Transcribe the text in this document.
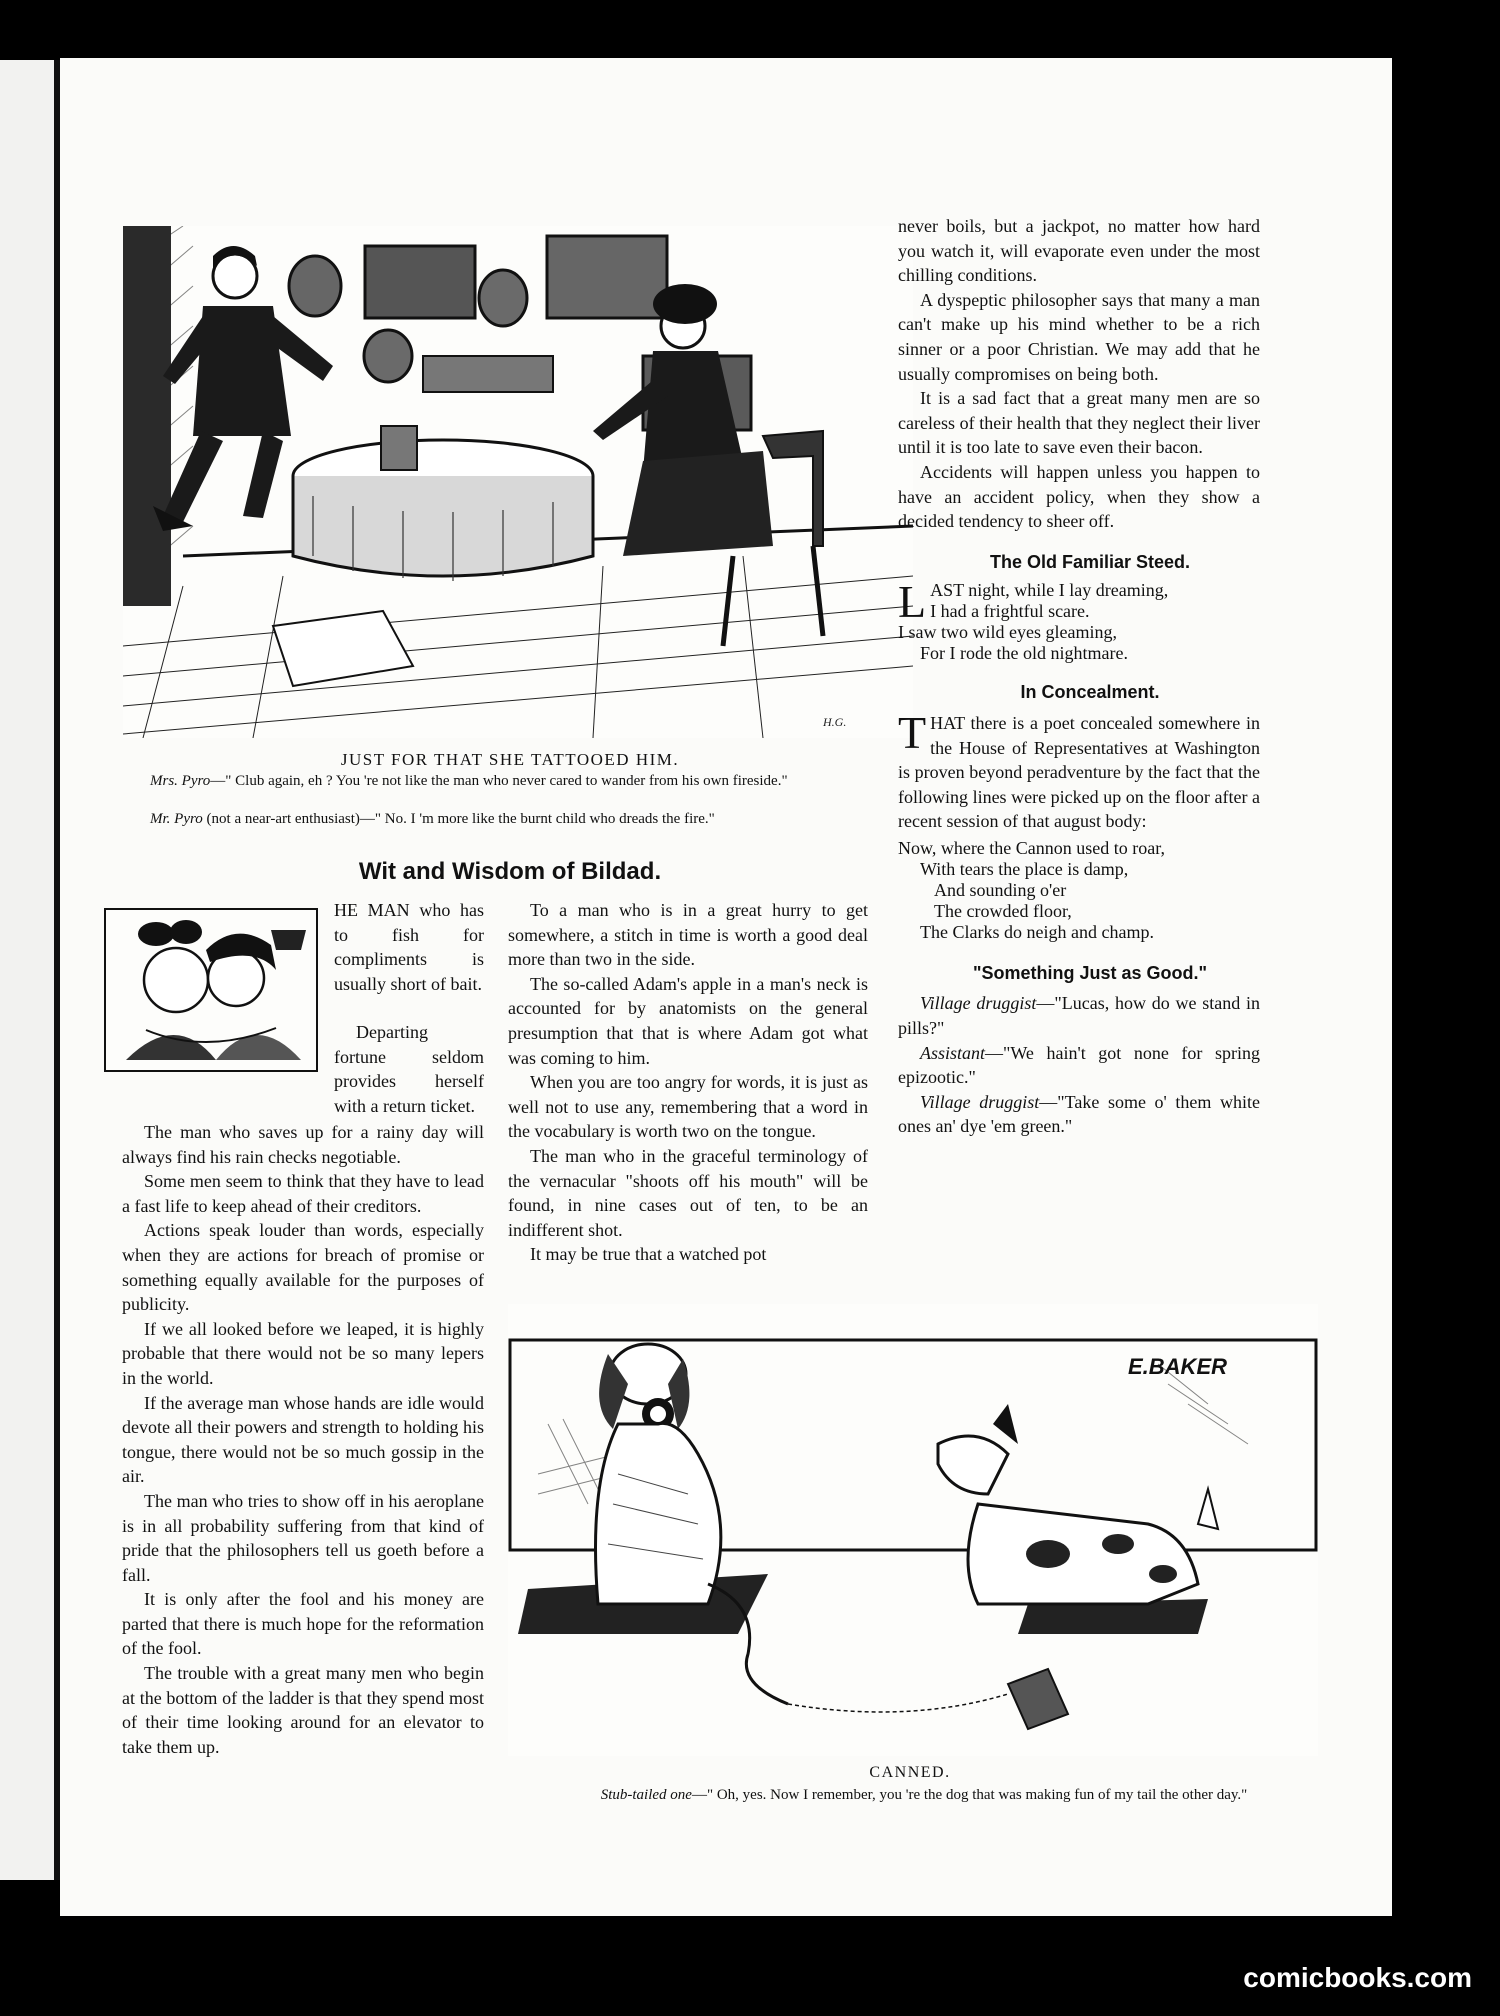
H.G.

JUST FOR THAT SHE TATTOOED HIM.

Mrs. Pyro—" Club again, eh ? You 're not like the man who never cared to wander from his own fireside."

Mr. Pyro (not a near-art enthusiast)—" No. I 'm more like the burnt child who dreads the fire."

Wit and Wisdom of Bildad.

HE MAN who has to fish for compliments is usually short of bait.

Departing fortune seldom provides herself with a return ticket.

The man who saves up for a rainy day will always find his rain checks negotiable.

Some men seem to think that they have to lead a fast life to keep ahead of their creditors.

Actions speak louder than words, especially when they are actions for breach of promise or something equally available for the purposes of publicity.

If we all looked before we leaped, it is highly probable that there would not be so many lepers in the world.

If the average man whose hands are idle would devote all their powers and strength to holding his tongue, there would not be so much gossip in the air.

The man who tries to show off in his aeroplane is in all probability suffering from that kind of pride that the philosophers tell us goeth before a fall.

It is only after the fool and his money are parted that there is much hope for the reformation of the fool.

The trouble with a great many men who begin at the bottom of the ladder is that they spend most of their time looking around for an elevator to take them up.

To a man who is in a great hurry to get somewhere, a stitch in time is worth a good deal more than two in the side.

The so-called Adam's apple in a man's neck is accounted for by anatomists on the general presumption that that is where Adam got what was coming to him.

When you are too angry for words, it is just as well not to use any, remembering that a word in the vocabulary is worth two on the tongue.

The man who in the graceful terminology of the vernacular "shoots off his mouth" will be found, in nine cases out of ten, to be an indifferent shot.

It may be true that a watched pot

never boils, but a jackpot, no matter how hard you watch it, will evaporate even under the most chilling conditions.

A dyspeptic philosopher says that many a man can't make up his mind whether to be a rich sinner or a poor Christian. We may add that he usually compromises on being both.

It is a sad fact that a great many men are so careless of their health that they neglect their liver until it is too late to save even their bacon.

Accidents will happen unless you happen to have an accident policy, when they show a decided tendency to sheer off.

The Old Familiar Steed.

L AST night, while I lay dreaming,
I had a frightful scare.
I saw two wild eyes gleaming,
For I rode the old nightmare.

In Concealment.

THAT there is a poet concealed somewhere in the House of Representatives at Washington is proven beyond peradventure by the fact that the following lines were picked up on the floor after a recent session of that august body:

Now, where the Cannon used to roar,
With tears the place is damp,
And sounding o'er
The crowded floor,
The Clarks do neigh and champ.

"Something Just as Good."

Village druggist—"Lucas, how do we stand in pills?"

Assistant—"We hain't got none for spring epizootic."

Village druggist—"Take some o' them white ones an' dye 'em green."

E.BAKER

CANNED.

Stub-tailed one—" Oh, yes. Now I remember, you 're the dog that was making fun of my tail the other day."

comicbooks.com
